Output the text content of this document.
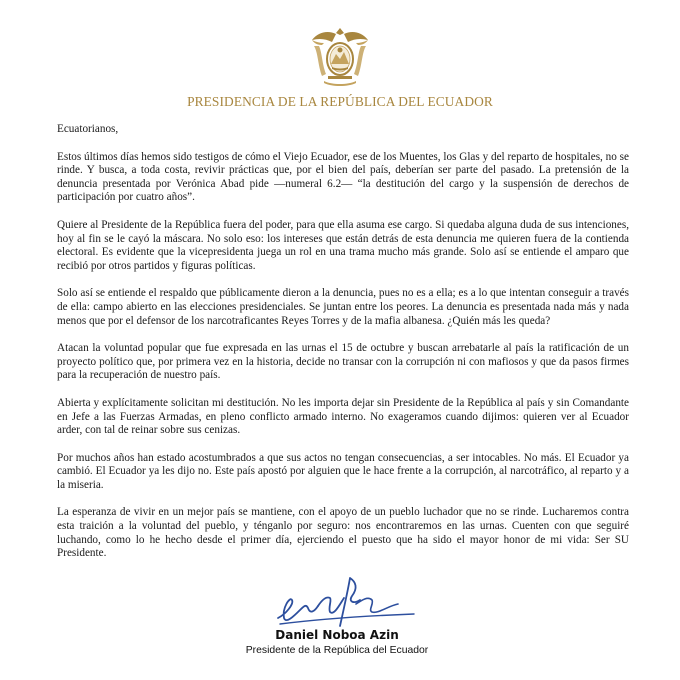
PRESIDENCIA DE LA REPÚBLICA DEL ECUADOR

Ecuatorianos,

Estos últimos días hemos sido testigos de cómo el Viejo Ecuador, ese de los Muentes, los Glas y del reparto de hospitales, no se rinde. Y busca, a toda costa, revivir prácticas que, por el bien del país, deberían ser parte del pasado. La pretensión de la denuncia presentada por Verónica Abad pide —numeral 6.2— “la destitución del cargo y la suspensión de derechos de participación por cuatro años”.

Quiere al Presidente de la República fuera del poder, para que ella asuma ese cargo. Si quedaba alguna duda de sus intenciones, hoy al fin se le cayó la máscara. No solo eso: los intereses que están detrás de esta denuncia me quieren fuera de la contienda electoral. Es evidente que la vicepresidenta juega un rol en una trama mucho más grande. Solo así se entiende el amparo que recibió por otros partidos y figuras políticas.

Solo así se entiende el respaldo que públicamente dieron a la denuncia, pues no es a ella; es a lo que intentan conseguir a través de ella: campo abierto en las elecciones presidenciales. Se juntan entre los peores. La denuncia es presentada nada más y nada menos que por el defensor de los narcotraficantes Reyes Torres y de la mafia albanesa. ¿Quién más les queda?

Atacan la voluntad popular que fue expresada en las urnas el 15 de octubre y buscan arrebatarle al país la ratificación de un proyecto político que, por primera vez en la historia, decide no transar con la corrupción ni con mafiosos y que da pasos firmes para la recuperación de nuestro país.

Abierta y explícitamente solicitan mi destitución. No les importa dejar sin Presidente de la República al país y sin Comandante en Jefe a las Fuerzas Armadas, en pleno conflicto armado interno. No exageramos cuando dijimos: quieren ver al Ecuador arder, con tal de reinar sobre sus cenizas.

Por muchos años han estado acostumbrados a que sus actos no tengan consecuencias, a ser intocables. No más. El Ecuador ya cambió. El Ecuador ya les dijo no. Este país apostó por alguien que le hace frente a la corrupción, al narcotráfico, al reparto y a la miseria.

La esperanza de vivir en un mejor país se mantiene, con el apoyo de un pueblo luchador que no se rinde. Lucharemos contra esta traición a la voluntad del pueblo, y ténganlo por seguro: nos encontraremos en las urnas. Cuenten con que seguiré luchando, como lo he hecho desde el primer día, ejerciendo el puesto que ha sido el mayor honor de mi vida: Ser SU Presidente.

Daniel Noboa Azin
Presidente de la República del Ecuador
